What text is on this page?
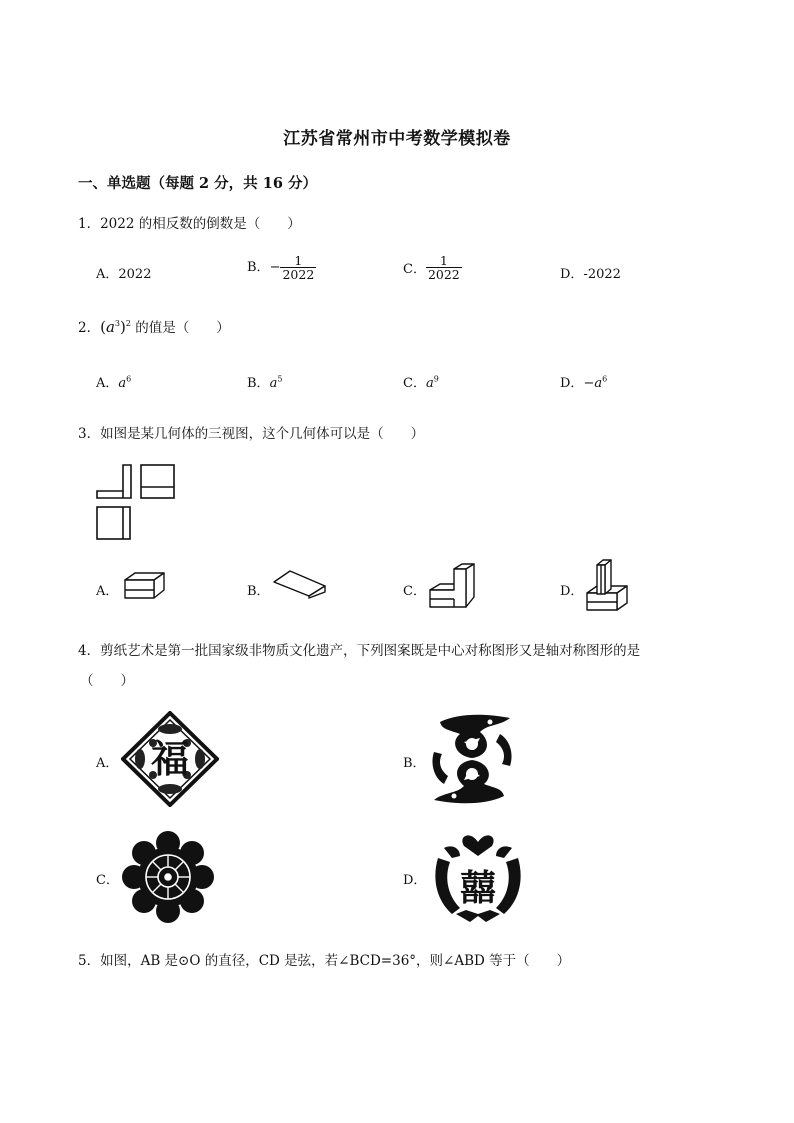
江苏省常州市中考数学模拟卷
一、单选题（每题 2 分，共 16 分）
1．2022 的相反数的倒数是（　　）
A．2022	B．− $\frac{1}{2022}$	C． $\frac{1}{2022}$	D．-2022
2．$(a^3)^2$ 的值是（　　）
A．$a^6$	B．$a^5$	C．$a^9$	D．$-a^6$
3．如图是某几何体的三视图，这个几何体可以是（　　）
A．	B．	C．	D．
4．剪纸艺术是第一批国家级非物质文化遗产，下列图案既是中心对称图形又是轴对称图形的是
（　　）
A． 福	B．
C．	D． 囍
5．如图，AB 是⊙O 的直径，CD 是弦，若∠BCD=36°，则∠ABD 等于（　　）
